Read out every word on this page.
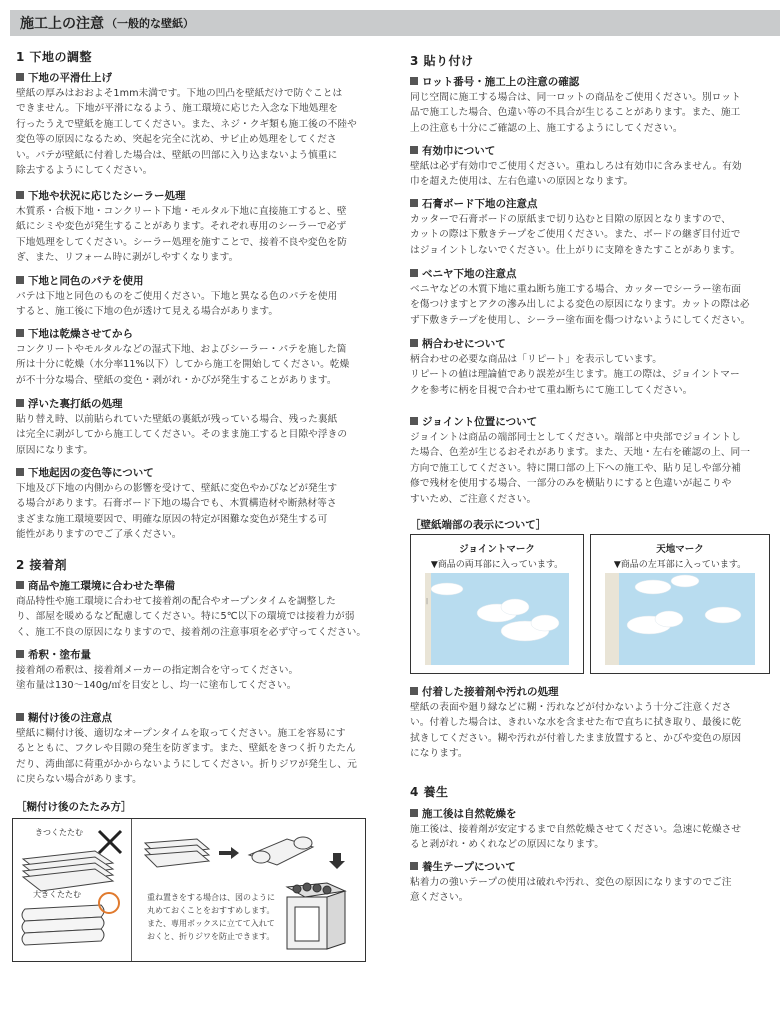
施工上の注意 （一般的な壁紙）
1 下地の調整
下地の平滑仕上げ
壁紙の厚みはおおよそ1mm未満です。下地の凹凸を壁紙だけで防ぐことは
できません。下地が平滑になるよう、施工環境に応じた入念な下地処理を
行ったうえで壁紙を施工してください。また、ネジ・クギ類も施工後の不陸や
変色等の原因になるため、突起を完全に沈め、サビ止め処理をしてくださ
い。パテが壁紙に付着した場合は、壁紙の凹部に入り込まないよう慎重に
除去するようにしてください。
下地や状況に応じたシーラー処理
木質系・合板下地・コンクリート下地・モルタル下地に直接施工すると、壁
紙にシミや変色が発生することがあります。それぞれ専用のシーラーで必ず
下地処理をしてください。シーラー処理を施すことで、接着不良や変色を防
ぎ、また、リフォーム時に剥がしやすくなります。
下地と同色のパテを使用
パテは下地と同色のものをご使用ください。下地と異なる色のパテを使用
すると、施工後に下地の色が透けて見える場合があります。
下地は乾燥させてから
コンクリートやモルタルなどの湿式下地、およびシーラー・パテを施した箇
所は十分に乾燥（水分率11%以下）してから施工を開始してください。乾燥
が不十分な場合、壁紙の変色・剥がれ・かびが発生することがあります。
浮いた裏打紙の処理
貼り替え時、以前貼られていた壁紙の裏紙が残っている場合、残った裏紙
は完全に剥がしてから施工してください。そのまま施工すると目隙や浮きの
原因になります。
下地起因の変色等について
下地及び下地の内側からの影響を受けて、壁紙に変色やかびなどが発生す
る場合があります。石膏ボード下地の場合でも、木質構造材や断熱材等さ
まざまな施工環境要因で、明確な原因の特定が困難な変色が発生する可
能性がありますのでご了承ください。
2 接着剤
商品や施工環境に合わせた準備
商品特性や施工環境に合わせて接着剤の配合やオープンタイムを調整した
り、部屋を暖めるなど配慮してください。特に5℃以下の環境では接着力が弱
く、施工不良の原因になりますので、接着剤の注意事項を必ず守ってください。
希釈・塗布量
接着剤の希釈は、接着剤メーカーの指定割合を守ってください。
塗布量は130～140g/㎡を目安とし、均一に塗布してください。
糊付け後の注意点
壁紙に糊付け後、適切なオープンタイムを取ってください。施工を容易にす
るとともに、フクレや目隙の発生を防ぎます。また、壁紙をきつく折りたたん
だり、湾曲部に荷重がかからないようにしてください。折りジワが発生し、元
に戻らない場合があります。
［糊付け後のたたみ方］
きつくたたむ
大きくたたむ	重ね置きをする場合は、図のように
丸めておくことをおすすめします。
また、専用ボックスに立てて入れて
おくと、折りジワを防止できます。
3 貼り付け
ロット番号・施工上の注意の確認
同じ空間に施工する場合は、同一ロットの商品をご使用ください。別ロット
品で施工した場合、色違い等の不具合が生じることがあります。また、施工
上の注意も十分にご確認の上、施工するようにしてください。
有効巾について
壁紙は必ず有効巾でご使用ください。重ねしろは有効巾に含みません。有効
巾を超えた使用は、左右色違いの原因となります。
石膏ボード下地の注意点
カッターで石膏ボードの原紙まで切り込むと目隙の原因となりますので、
カットの際は下敷きテープをご使用ください。また、ボードの継ぎ目付近で
はジョイントしないでください。仕上がりに支障をきたすことがあります。
ベニヤ下地の注意点
ベニヤなどの木質下地に重ね断ち施工する場合、カッターでシーラー塗布面
を傷つけますとアクの滲み出しによる変色の原因になります。カットの際は必
ず下敷きテープを使用し、シーラー塗布面を傷つけないようにしてください。
柄合わせについて
柄合わせの必要な商品は「リピート」を表示しています。
リピートの値は理論値であり誤差が生じます。施工の際は、ジョイントマー
クを参考に柄を目視で合わせて重ね断ちにて施工してください。
ジョイント位置について
ジョイントは商品の端部同士としてください。端部と中央部でジョイントし
た場合、色差が生じるおそれがあります。また、天地・左右を確認の上、同一
方向で施工してください。特に開口部の上下への施工や、貼り足しや部分補
修で残材を使用する場合、一部分のみを横貼りにすると色違いが起こりや
すいため、ご注意ください。
［壁紙端部の表示について］
ジョイントマーク
▼商品の両耳部に入っています。
|
天地マーク
▼商品の左耳部に入っています。
付着した接着剤や汚れの処理
壁紙の表面や廻り縁などに糊・汚れなどが付かないよう十分ご注意くださ
い。付着した場合は、きれいな水を含ませた布で直ちに拭き取り、最後に乾
拭きしてください。糊や汚れが付着したまま放置すると、かびや変色の原因
になります。
4 養生
施工後は自然乾燥を
施工後は、接着剤が安定するまで自然乾燥させてください。急速に乾燥させ
ると剥がれ・めくれなどの原因になります。
養生テープについて
粘着力の強いテープの使用は破れや汚れ、変色の原因になりますのでご注
意ください。
